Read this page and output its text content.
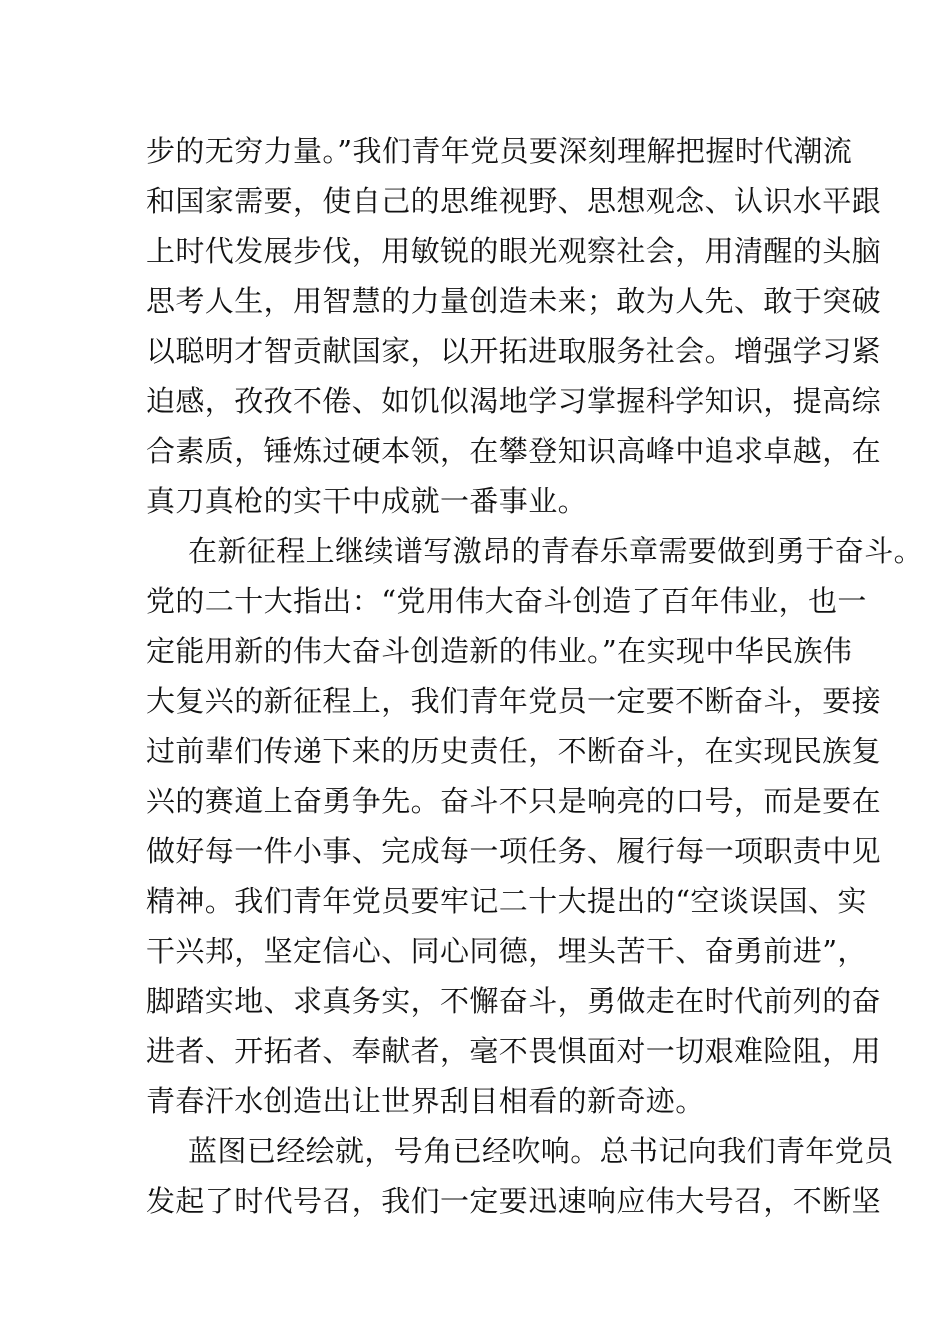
步的无穷力量。”我们青年党员要深刻理解把握时代潮流

和国家需要，使自己的思维视野、思想观念、认识水平跟

上时代发展步伐，用敏锐的眼光观察社会，用清醒的头脑

思考人生，用智慧的力量创造未来；敢为人先、敢于突破

以聪明才智贡献国家，以开拓进取服务社会。增强学习紧

迫感，孜孜不倦、如饥似渴地学习掌握科学知识，提高综

合素质，锤炼过硬本领，在攀登知识高峰中追求卓越，在

真刀真枪的实干中成就一番事业。

在新征程上继续谱写激昂的青春乐章需要做到勇于奋斗。

党的二十大指出：“党用伟大奋斗创造了百年伟业，也一

定能用新的伟大奋斗创造新的伟业。”在实现中华民族伟

大复兴的新征程上，我们青年党员一定要不断奋斗，要接

过前辈们传递下来的历史责任，不断奋斗，在实现民族复

兴的赛道上奋勇争先。奋斗不只是响亮的口号，而是要在

做好每一件小事、完成每一项任务、履行每一项职责中见

精神。我们青年党员要牢记二十大提出的“空谈误国、实

干兴邦，坚定信心、同心同德，埋头苦干、奋勇前进”，

脚踏实地、求真务实，不懈奋斗，勇做走在时代前列的奋

进者、开拓者、奉献者，毫不畏惧面对一切艰难险阻，用

青春汗水创造出让世界刮目相看的新奇迹。

蓝图已经绘就，号角已经吹响。总书记向我们青年党员

发起了时代号召，我们一定要迅速响应伟大号召，不断坚
